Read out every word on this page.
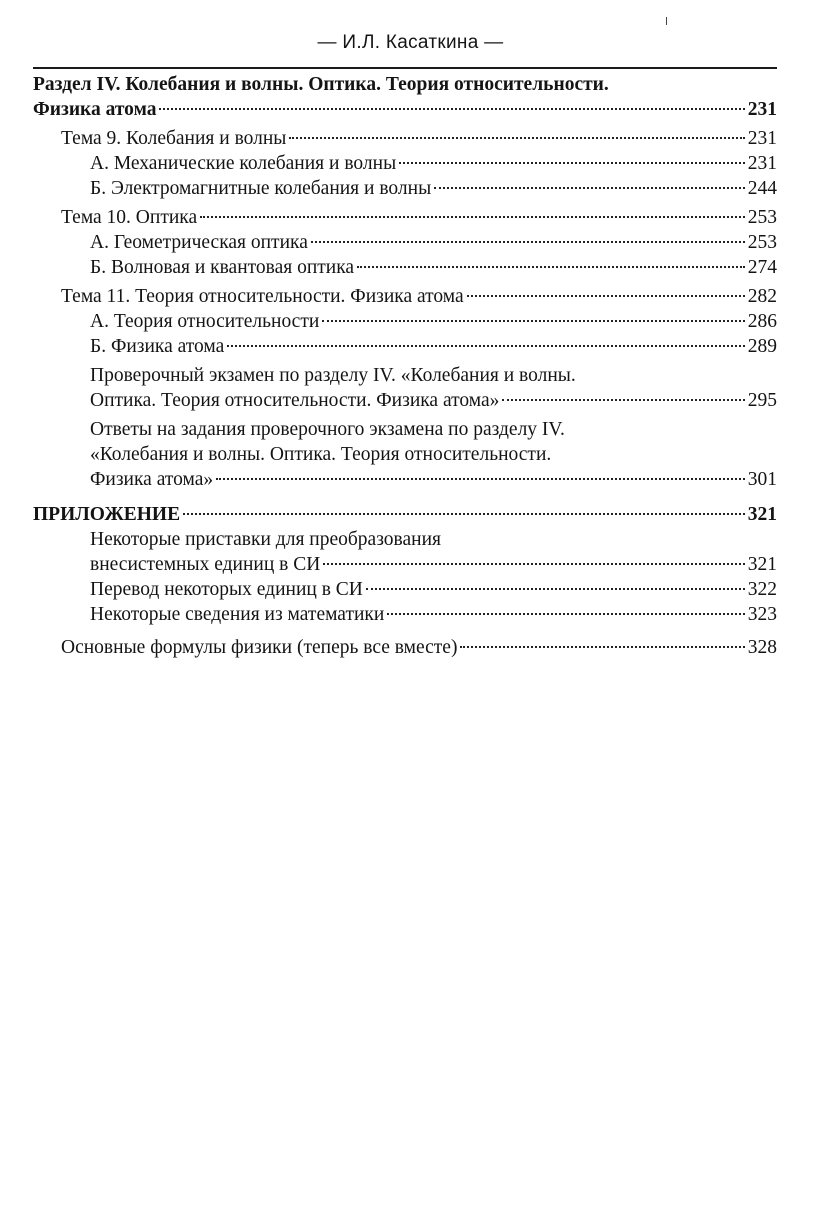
— И.Л. Касаткина —
Раздел IV. Колебания и волны. Оптика. Теория относительности.
Физика атома	231
Тема 9. Колебания и волны	231
А. Механические колебания и волны	231
Б. Электромагнитные колебания и волны	244
Тема 10. Оптика	253
А. Геометрическая оптика	253
Б. Волновая и квантовая оптика	274
Тема 11. Теория относительности. Физика атома	282
А. Теория относительности	286
Б. Физика атома	289
Проверочный экзамен по разделу IV. «Колебания и волны.
Оптика. Теория относительности. Физика атома»	295
Ответы на задания проверочного экзамена по разделу IV.
«Колебания и волны. Оптика. Теория относительности.
Физика атома»	301
ПРИЛОЖЕНИЕ	321
Некоторые приставки для преобразования
внесистемных единиц в СИ	321
Перевод некоторых единиц в СИ	322
Некоторые сведения из математики	323
Основные формулы физики (теперь все вместе)	328
